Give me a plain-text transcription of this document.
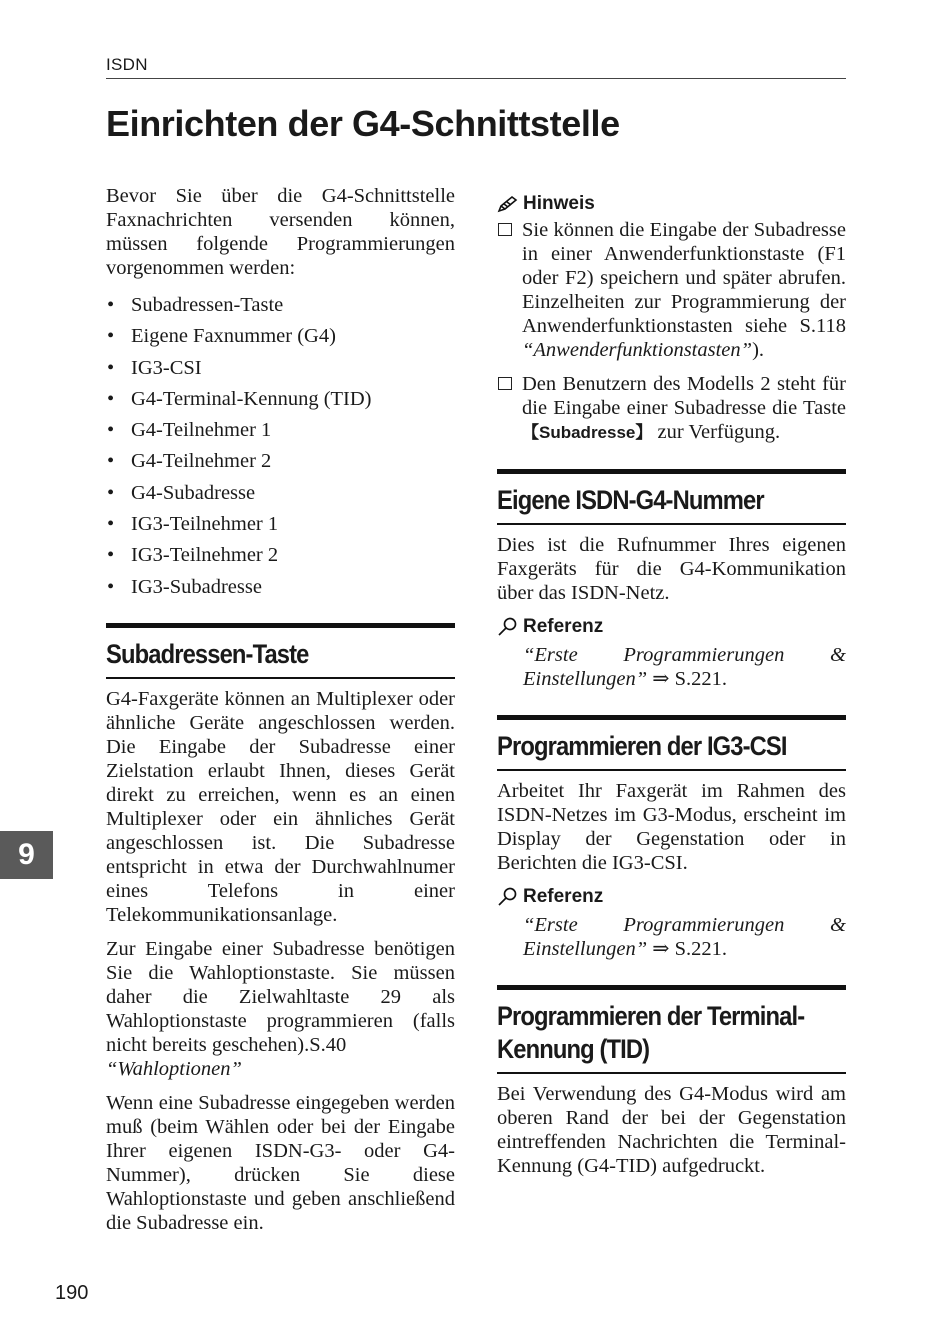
ISDN
Einrichten der G4-Schnittstelle

Bevor Sie über die G4-Schnittstelle Faxnachrichten versenden können, müssen folgende Programmierungen vorgenommen werden:

• Subadressen-Taste
• Eigene Faxnummer (G4)
• IG3-CSI
• G4-Terminal-Kennung (TID)
• G4-Teilnehmer 1
• G4-Teilnehmer 2
• G4-Subadresse
• IG3-Teilnehmer 1
• IG3-Teilnehmer 2
• IG3-Subadresse
Subadressen-Taste

G4-Faxgeräte können an Multiplexer oder ähnliche Geräte angeschlossen werden. Die Eingabe der Subadresse einer Zielstation erlaubt Ihnen, dieses Gerät direkt zu erreichen, wenn es an einen Multiplexer oder ein ähnliches Gerät angeschlossen ist. Die Subadresse entspricht in etwa der Durchwahlnumer eines Telefons in einer Telekommunikationsanlage.

Zur Eingabe einer Subadresse benötigen Sie die Wahloptionstaste. Sie müssen daher die Zielwahltaste 29 als Wahloptionstaste programmieren (falls nicht bereits geschehen).S.40
“Wahloptionen”

Wenn eine Subadresse eingegeben werden muß (beim Wählen oder bei der Eingabe Ihrer eigenen ISDN-G3- oder G4-Nummer), drücken Sie diese Wahloptionstaste und geben anschließend die Subadresse ein.

Hinweis
Sie können die Eingabe der Subadresse in einer Anwenderfunktionstaste (F1 oder F2) speichern und später abrufen. Einzelheiten zur Programmierung der Anwenderfunktionstasten siehe S.118 “Anwenderfunktionstasten”).
Den Benutzern des Modells 2 steht für die Eingabe einer Subadresse die Taste 【Subadresse】 zur Verfügung.
Eigene ISDN-G4-Nummer

Dies ist die Rufnummer Ihres eigenen Faxgeräts für die G4-Kommunikation über das ISDN-Netz.

Referenz

“Erste Programmierungen & Einstellungen” ⇒ S.221.

Programmieren der IG3-CSI

Arbeitet Ihr Faxgerät im Rahmen des ISDN-Netzes im G3-Modus, erscheint im Display der Gegenstation oder in Berichten die IG3-CSI.

Referenz

“Erste Programmierungen & Einstellungen” ⇒ S.221.

Programmieren der Terminal-Kennung (TID)

Bei Verwendung des G4-Modus wird am oberen Rand der bei der Gegenstation eintreffenden Nachrichten die Terminal-Kennung (G4-TID) aufgedruckt.

9
190
